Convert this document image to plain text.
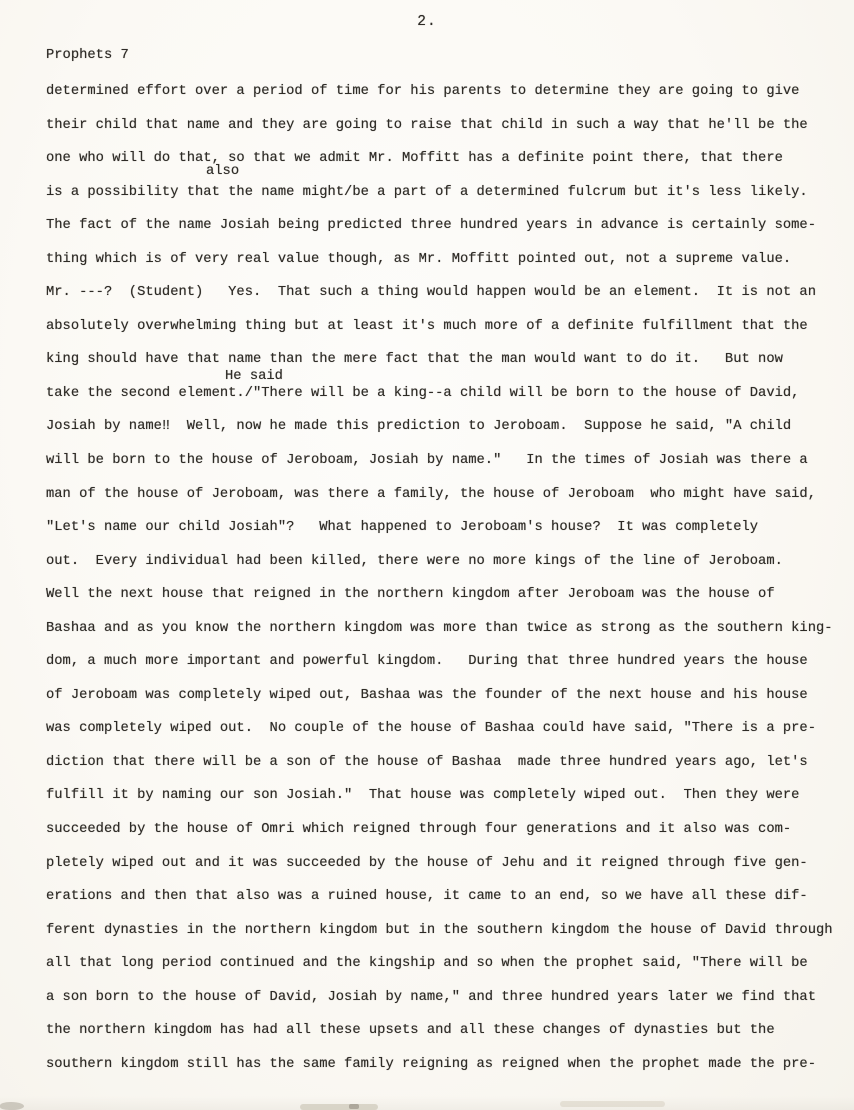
2.
Prophets 7
also
He said
determined effort over a period of time for his parents to determine they are going to give
their child that name and they are going to raise that child in such a way that he'll be the
one who will do that, so that we admit Mr. Moffitt has a definite point there, that there
is a possibility that the name might/be a part of a determined fulcrum but it's less likely.
The fact of the name Josiah being predicted three hundred years in advance is certainly some-
thing which is of very real value though, as Mr. Moffitt pointed out, not a supreme value.
Mr. ---?  (Student)   Yes.  That such a thing would happen would be an element.  It is not an
absolutely overwhelming thing but at least it's much more of a definite fulfillment that the
king should have that name than the mere fact that the man would want to do it.   But now
take the second element./"There will be a king--a child will be born to the house of David,
Josiah by name‼  Well, now he made this prediction to Jeroboam.  Suppose he said, "A child
will be born to the house of Jeroboam, Josiah by name."   In the times of Josiah was there a
man of the house of Jeroboam, was there a family, the house of Jeroboam  who might have said,
"Let's name our child Josiah"?   What happened to Jeroboam's house?  It was completely
out.  Every individual had been killed, there were no more kings of the line of Jeroboam.
Well the next house that reigned in the northern kingdom after Jeroboam was the house of
Bashaa and as you know the northern kingdom was more than twice as strong as the southern king-
dom, a much more important and powerful kingdom.   During that three hundred years the house
of Jeroboam was completely wiped out, Bashaa was the founder of the next house and his house
was completely wiped out.  No couple of the house of Bashaa could have said, "There is a pre-
diction that there will be a son of the house of Bashaa  made three hundred years ago, let's
fulfill it by naming our son Josiah."  That house was completely wiped out.  Then they were
succeeded by the house of Omri which reigned through four generations and it also was com-
pletely wiped out and it was succeeded by the house of Jehu and it reigned through five gen-
erations and then that also was a ruined house, it came to an end, so we have all these dif-
ferent dynasties in the northern kingdom but in the southern kingdom the house of David through
all that long period continued and the kingship and so when the prophet said, "There will be
a son born to the house of David, Josiah by name," and three hundred years later we find that
the northern kingdom has had all these upsets and all these changes of dynasties but the
southern kingdom still has the same family reigning as reigned when the prophet made the pre-
